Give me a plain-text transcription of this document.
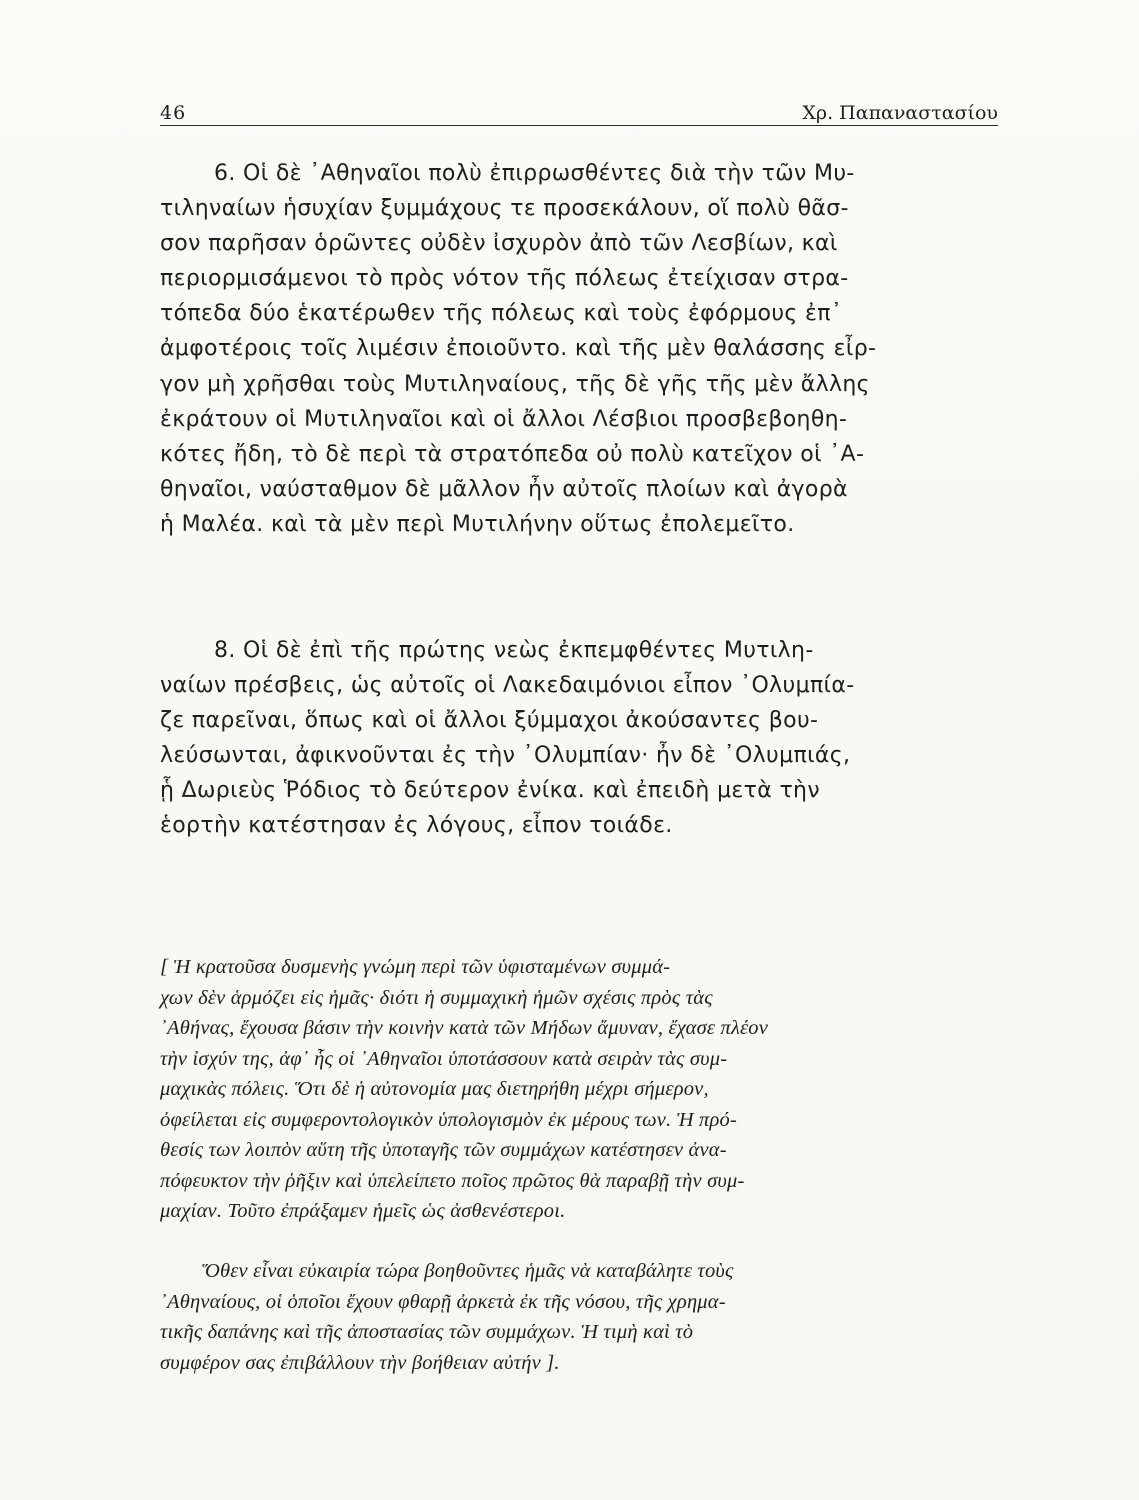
46	Χρ. Παπαναστασίου
6. Οἱ δὲ ᾿Αθηναῖοι πολὺ ἐπιρρωσθέντες διὰ τὴν τῶν Μυ-
τιληναίων ἡσυχίαν ξυμμάχους τε προσεκάλουν, οἵ πολὺ θᾶσ-
σον παρῆσαν ὁρῶντες οὐδὲν ἰσχυρὸν ἀπὸ τῶν Λεσβίων, καὶ
περιορμισάμενοι τὸ πρὸς νότον τῆς πόλεως ἐτείχισαν στρα-
τόπεδα δύο ἑκατέρωθεν τῆς πόλεως καὶ τοὺς ἐφόρμους ἐπ᾿
ἀμφοτέροις τοῖς λιμέσιν ἐποιοῦντο. καὶ τῆς μὲν θαλάσσης εἶρ-
γον μὴ χρῆσθαι τοὺς Μυτιληναίους, τῆς δὲ γῆς τῆς μὲν ἄλλης
ἐκράτουν οἱ Μυτιληναῖοι καὶ οἱ ἄλλοι Λέσβιοι προσβεβοηθη-
κότες ἤδη, τὸ δὲ περὶ τὰ στρατόπεδα οὐ πολὺ κατεῖχον οἱ ᾿Α-
θηναῖοι, ναύσταθμον δὲ μᾶλλον ἦν αὐτοῖς πλοίων καὶ ἀγορὰ
ἡ Μαλέα. καὶ τὰ μὲν περὶ Μυτιλήνην οὕτως ἐπολεμεῖτο.
8. Οἱ δὲ ἐπὶ τῆς πρώτης νεὼς ἐκπεμφθέντες Μυτιλη-
ναίων πρέσβεις, ὡς αὐτοῖς οἱ Λακεδαιμόνιοι εἶπον ᾿Ολυμπία-
ζε παρεῖναι, ὅπως καὶ οἱ ἄλλοι ξύμμαχοι ἀκούσαντες βου-
λεύσωνται, ἀφικνοῦνται ἐς τὴν ᾿Ολυμπίαν· ἦν δὲ ᾿Ολυμπιάς,
ᾗ Δωριεὺς Ῥόδιος τὸ δεύτερον ἐνίκα. καὶ ἐπειδὴ μετὰ τὴν
ἑορτὴν κατέστησαν ἐς λόγους, εἶπον τοιάδε.
[ Ἡ κρατοῦσα δυσμενὴς γνώμη περὶ τῶν ὑφισταμένων συμμά-
χων δὲν ἁρμόζει εἰς ἡμᾶς· διότι ἡ συμμαχικὴ ἡμῶν σχέσις πρὸς τὰς
᾿Αθήνας, ἔχουσα βάσιν τὴν κοινὴν κατὰ τῶν Μήδων ἄμυναν, ἔχασε πλέον
τὴν ἰσχύν της, ἀφ᾿ ἧς οἱ ᾿Αθηναῖοι ὑποτάσσουν κατὰ σειρὰν τὰς συμ-
μαχικὰς πόλεις. Ὅτι δὲ ἡ αὐτονομία μας διετηρήθη μέχρι σήμερον,
ὀφείλεται εἰς συμφεροντολογικὸν ὑπολογισμὸν ἐκ μέρους των. Ἡ πρό-
θεσίς των λοιπὸν αὕτη τῆς ὑποταγῆς τῶν συμμάχων κατέστησεν ἀνα-
πόφευκτον τὴν ῥῆξιν καὶ ὑπελείπετο ποῖος πρῶτος θὰ παραβῇ τὴν συμ-
μαχίαν. Τοῦτο ἐπράξαμεν ἡμεῖς ὡς ἀσθενέστεροι.
Ὅθεν εἶναι εὐκαιρία τώρα βοηθοῦντες ἡμᾶς νὰ καταβάλητε τοὺς
᾿Αθηναίους, οἱ ὁποῖοι ἔχουν φθαρῇ ἀρκετὰ ἐκ τῆς νόσου, τῆς χρημα-
τικῆς δαπάνης καὶ τῆς ἀποστασίας τῶν συμμάχων. Ἡ τιμὴ καὶ τὸ
συμφέρον σας ἐπιβάλλουν τὴν βοήθειαν αὐτήν ].
